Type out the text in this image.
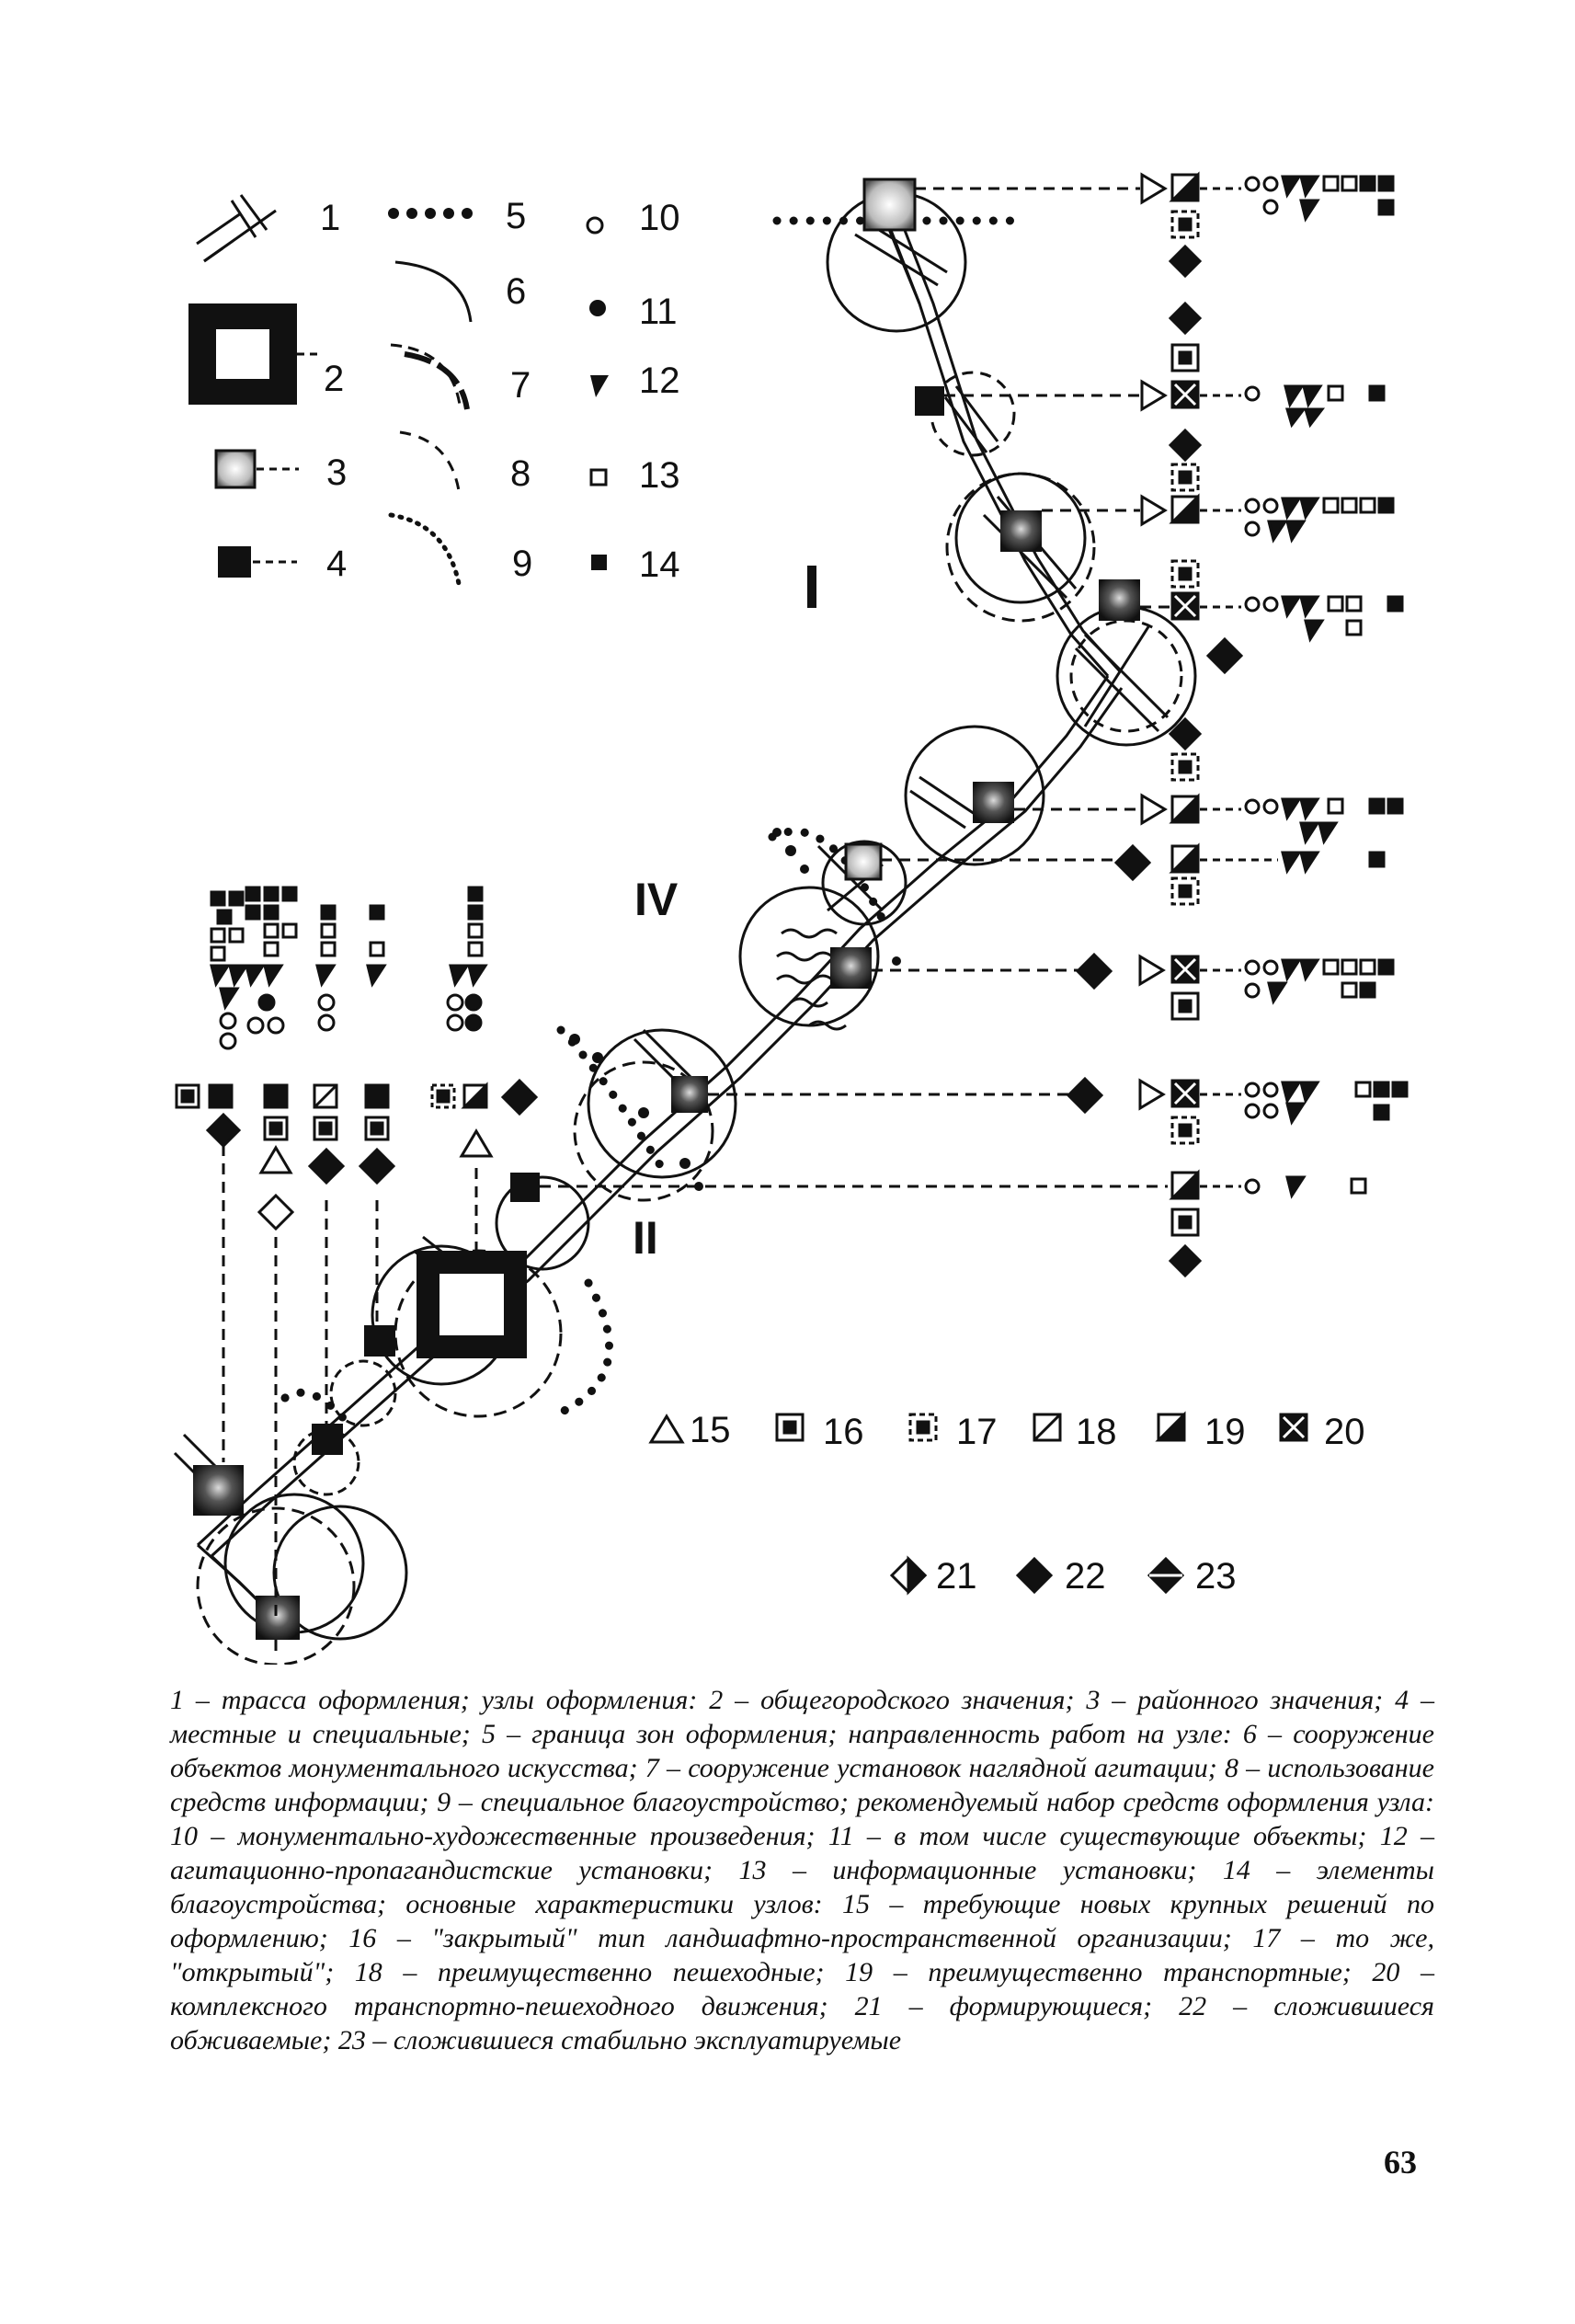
1
2
3
4
5
6
7
8
9
10
11
12
13
14
IV
II
15	16	17 18 19 20
21 22 23
1 – трасса оформления; узлы оформления: 2 – общегородского значения; 3 – районного значения; 4 – местные и специальные; 5 – граница зон оформления; направленность работ на узле: 6 – сооружение объектов монументального искусства; 7 – сооружение установок наглядной агитации; 8 – использование средств информации; 9 – специальное благоустройство; рекомендуемый набор средств оформления узла: 10 – монументально-художественные произведения; 11 – в том числе существующие объекты; 12 – агитационно-пропагандистские установки; 13 – информационные установки; 14 – элементы благоустройства; основные характеристики узлов: 15 – требующие новых крупных решений по оформлению; 16 – "закрытый" тип ландшафтно-пространственной организации; 17 – то же, "открытый"; 18 – преимущественно пешеходные; 19 – преимущественно транспортные; 20 – комплексного транспортно-пешеходного движения; 21 – формирующиеся; 22 – сложившиеся обживаемые; 23 – сложившиеся стабильно эксплуатируемые
63
